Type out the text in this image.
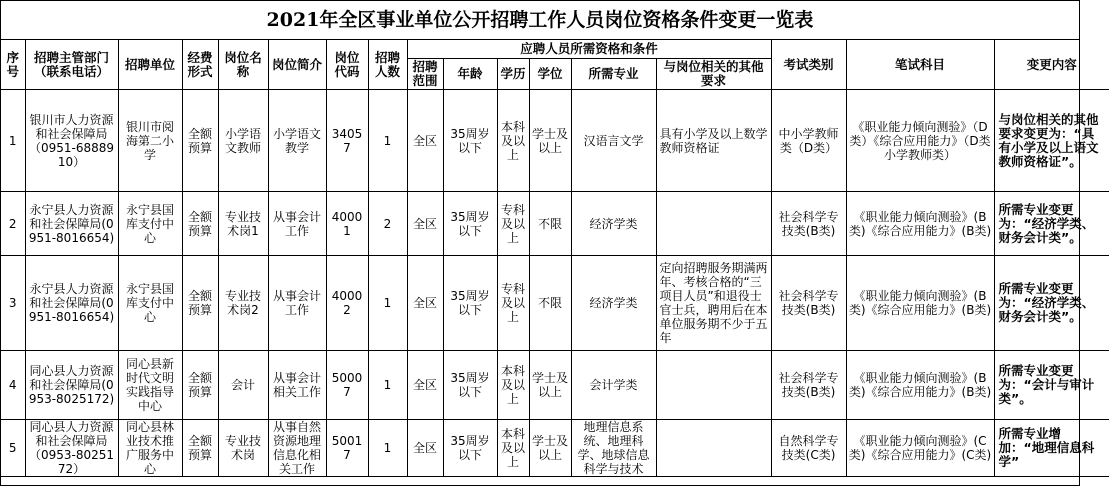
2021年全区事业单位公开招聘工作人员岗位资格条件变更一览表
序号	招聘主管部门（联系电话）	招聘单位	经费形式	岗位名称	岗位简介	岗位代码	招聘人数	应聘人员所需资格和条件						考试类别	笔试科目	变更内容
								招聘范围	年龄	学历	学位	所需专业	与岗位相关的其他要求			
1	银川市人力资源和社会保障局（0951-6888910）	银川市阅海第二小学	全额预算	小学语文教师	小学语文教学	34057	1	全区	35周岁以下	本科及以上	学士及以上	汉语言文学	具有小学及以上数学教师资格证	中小学教师类（D类）	《职业能力倾向测验》（D类）《综合应用能力》（D类小学教师类）	与岗位相关的其他要求变更为：“具有小学及以上语文教师资格证”。
2	永宁县人力资源和社会保障局(0951-8016654)	永宁县国库支付中心	全额预算	专业技术岗1	从事会计工作	40001	2	全区	35周岁以下	专科及以上	不限	经济学类		社会科学专技类(B类)	《职业能力倾向测验》(B类)《综合应用能力》(B类)	所需专业变更为：“经济学类、财务会计类”。
3	永宁县人力资源和社会保障局(0951-8016654)	永宁县国库支付中心	全额预算	专业技术岗2	从事会计工作	40002	1	全区	35周岁以下	专科及以上	不限	经济学类	定向招聘服务期满两年、考核合格的“三项目人员”和退役士官士兵，聘用后在本单位服务期不少于五年	社会科学专技类(B类)	《职业能力倾向测验》(B类)《综合应用能力》(B类)	所需专业变更为：“经济学类、财务会计类”。
4	同心县人力资源和社会保障局(0953-8025172)	同心县新时代文明实践指导中心	全额预算	会计	从事会计相关工作	50007	1	全区	35周岁以下	本科及以上	学士及以上	会计学类		社会科学专技类(B类)	《职业能力倾向测验》(B类)《综合应用能力》(B类)	所需专业变更为：“会计与审计类”。
5	同心县人力资源和社会保障局（0953-8025172）	同心县林业技术推广服务中心	全额预算	专业技术岗	从事自然资源地理信息化相关工作	50017	1	全区	35周岁以下	本科及以上	学士及以上	地理信息系统、地理科学、地球信息科学与技术		自然科学专技类(C类)	《职业能力倾向测验》(C类)《综合应用能力》(C类)	所需专业增加：“地理信息科学”
